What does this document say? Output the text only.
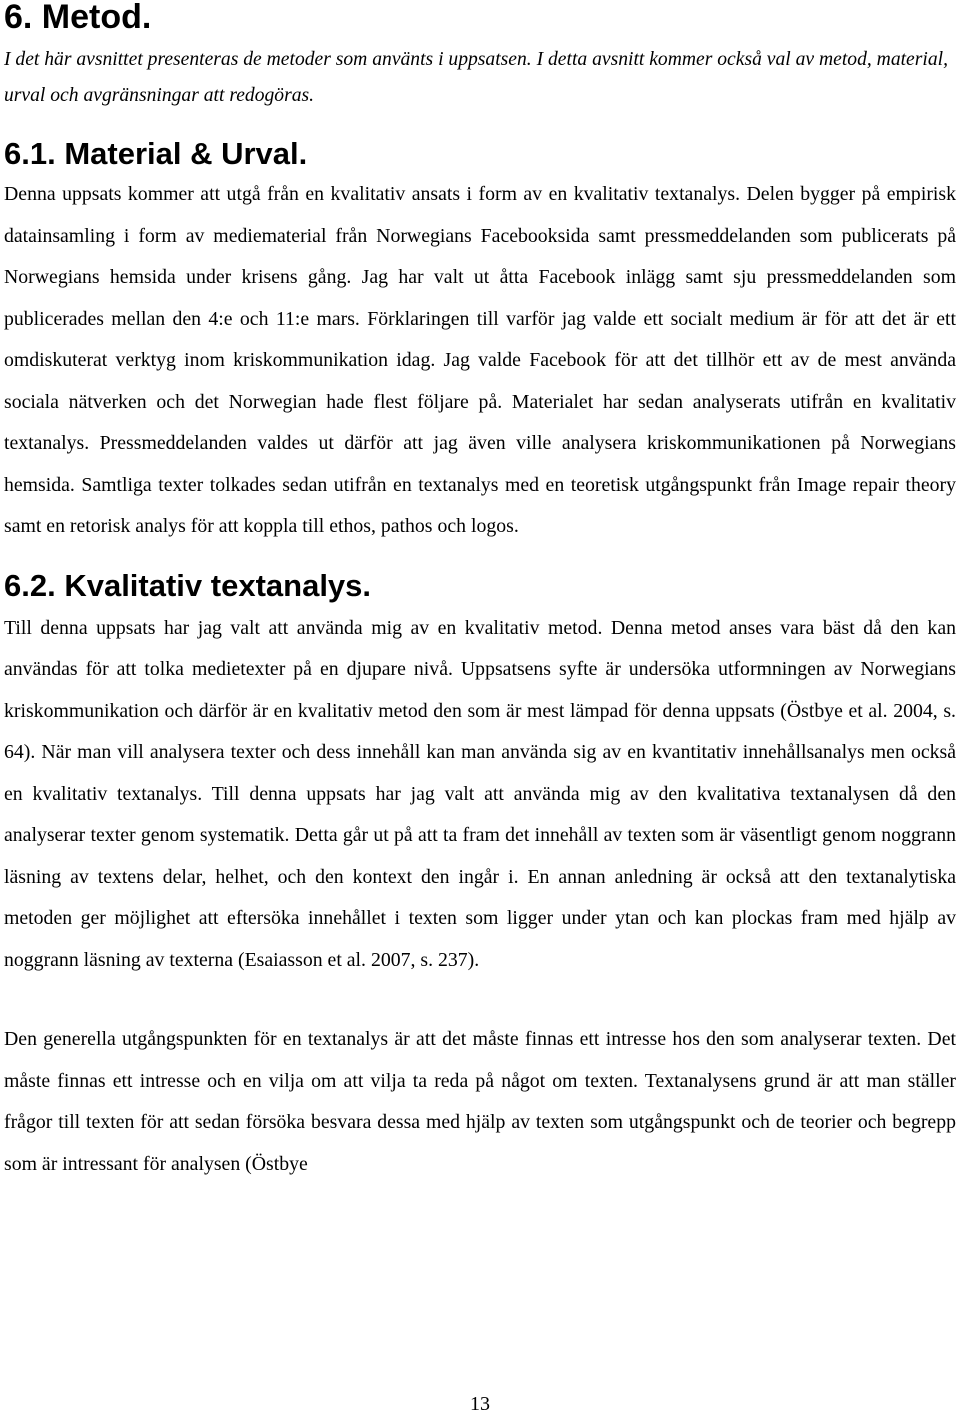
6. Metod.

I det här avsnittet presenteras de metoder som använts i uppsatsen. I detta avsnitt kommer också val av metod, material, urval och avgränsningar att redogöras.

6.1. Material & Urval.

Denna uppsats kommer att utgå från en kvalitativ ansats i form av en kvalitativ textanalys. Delen bygger på empirisk datainsamling i form av mediematerial från Norwegians Facebooksida samt pressmeddelanden som publicerats på Norwegians hemsida under krisens gång. Jag har valt ut åtta Facebook inlägg samt sju pressmeddelanden som publicerades mellan den 4:e och 11:e mars. Förklaringen till varför jag valde ett socialt medium är för att det är ett omdiskuterat verktyg inom kriskommunikation idag. Jag valde Facebook för att det tillhör ett av de mest använda sociala nätverken och det Norwegian hade flest följare på. Materialet har sedan analyserats utifrån en kvalitativ textanalys. Pressmeddelanden valdes ut därför att jag även ville analysera kriskommunikationen på Norwegians hemsida. Samtliga texter tolkades sedan utifrån en textanalys med en teoretisk utgångspunkt från Image repair theory samt en retorisk analys för att koppla till ethos, pathos och logos.

6.2. Kvalitativ textanalys.

Till denna uppsats har jag valt att använda mig av en kvalitativ metod. Denna metod anses vara bäst då den kan användas för att tolka medietexter på en djupare nivå. Uppsatsens syfte är undersöka utformningen av Norwegians kriskommunikation och därför är en kvalitativ metod den som är mest lämpad för denna uppsats (Östbye et al. 2004, s. 64). När man vill analysera texter och dess innehåll kan man använda sig av en kvantitativ innehållsanalys men också en kvalitativ textanalys. Till denna uppsats har jag valt att använda mig av den kvalitativa textanalysen då den analyserar texter genom systematik. Detta går ut på att ta fram det innehåll av texten som är väsentligt genom noggrann läsning av textens delar, helhet, och den kontext den ingår i. En annan anledning är också att den textanalytiska metoden ger möjlighet att eftersöka innehållet i texten som ligger under ytan och kan plockas fram med hjälp av noggrann läsning av texterna (Esaiasson et al. 2007, s. 237).

Den generella utgångspunkten för en textanalys är att det måste finnas ett intresse hos den som analyserar texten. Det måste finnas ett intresse och en vilja om att vilja ta reda på något om texten. Textanalysens grund är att man ställer frågor till texten för att sedan försöka besvara dessa med hjälp av texten som utgångspunkt och de teorier och begrepp som är intressant för analysen (Östbye

13
